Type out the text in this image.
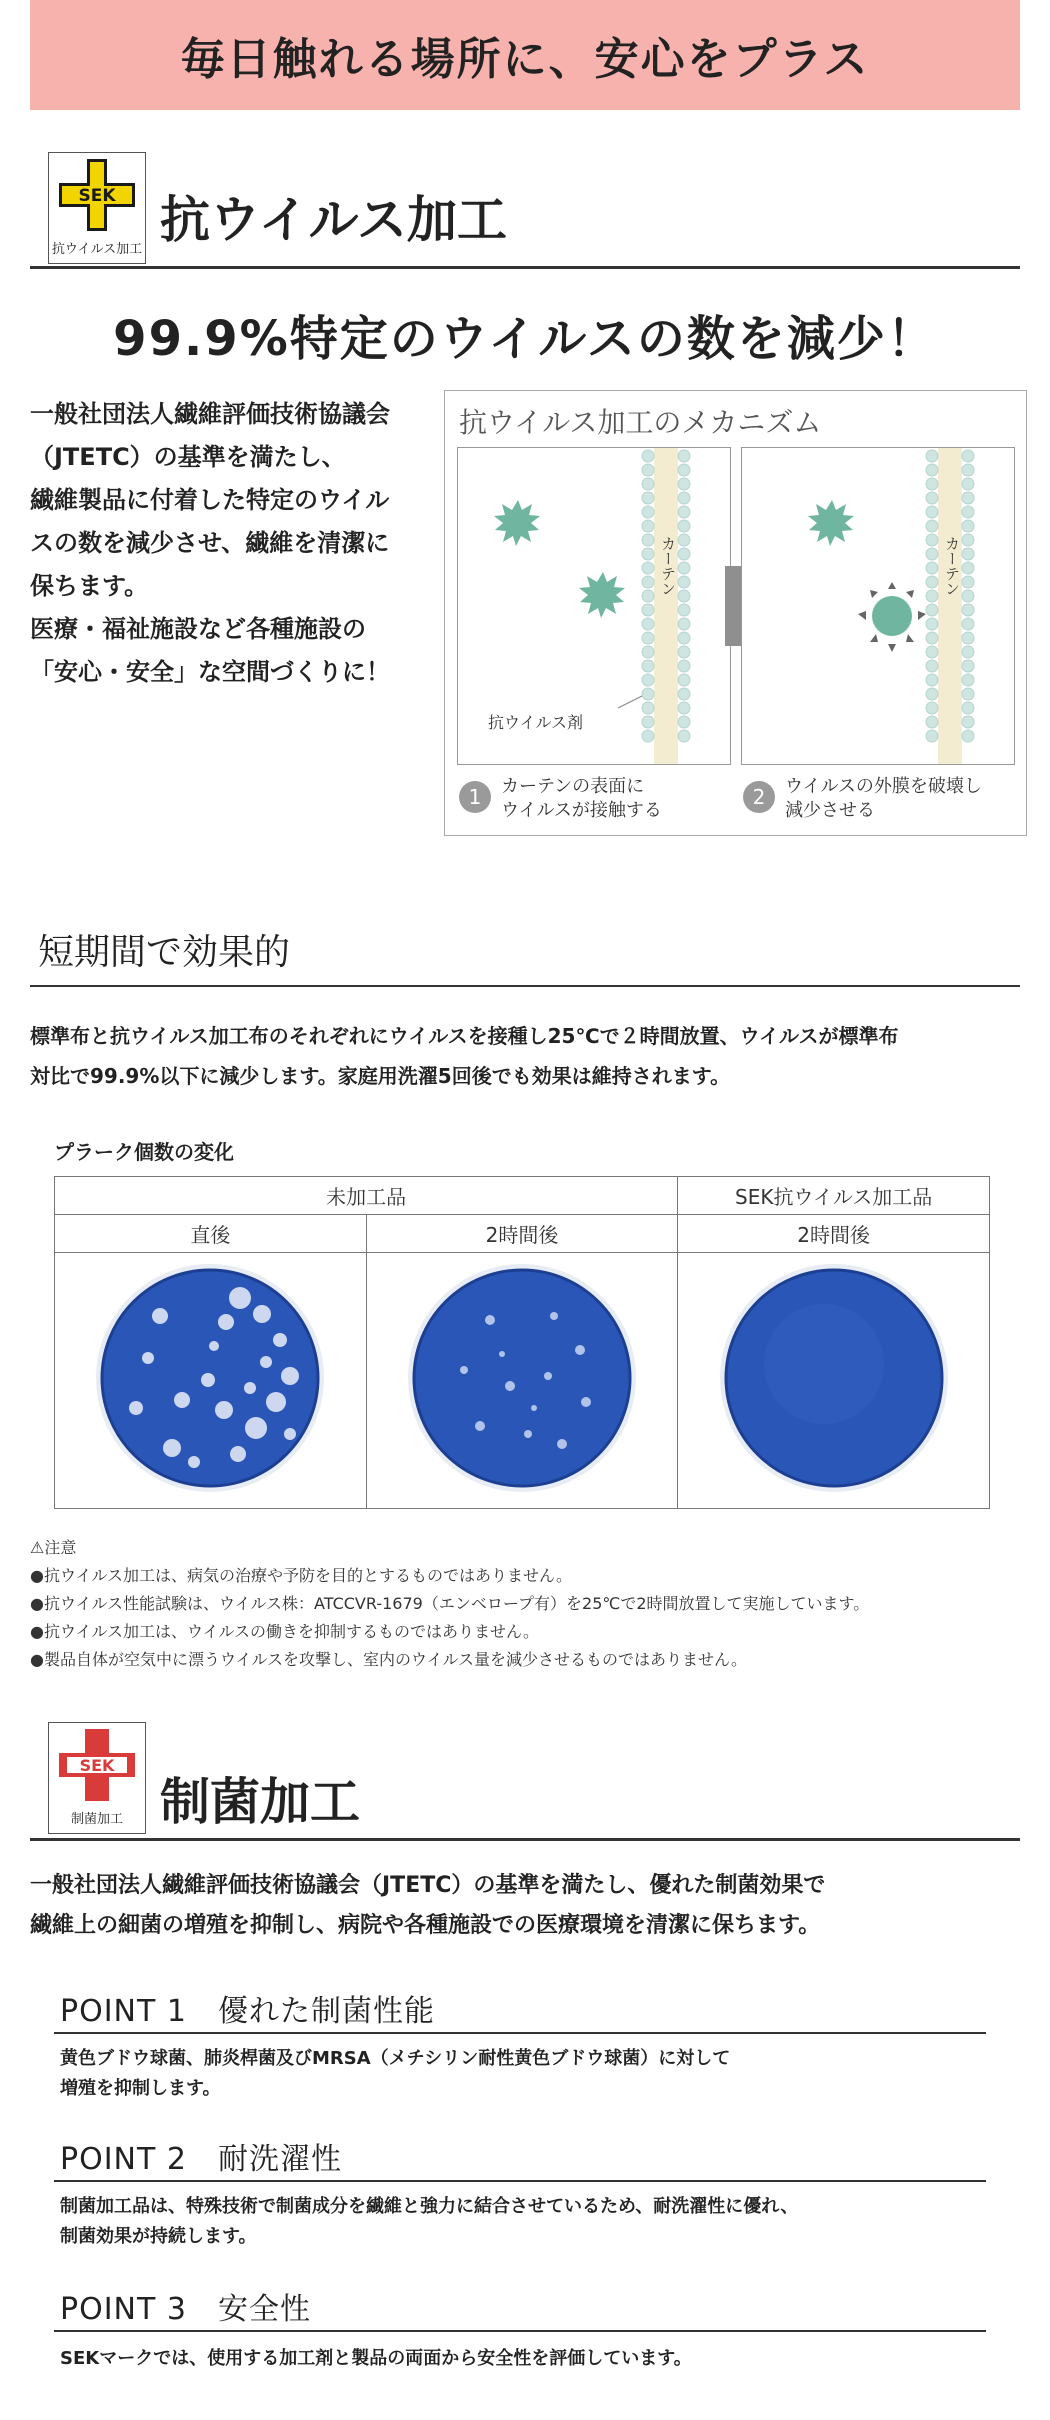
毎日触れる場所に、安心をプラス
SEK
抗ウイルス加工
抗ウイルス加工
99.9%特定のウイルスの数を減少！
一般社団法人繊維評価技術協議会
（JTETC）の基準を満たし、
繊維製品に付着した特定のウイル
スの数を減少させ、繊維を清潔に
保ちます。
医療・福祉施設など各種施設の
「安心・安全」な空間づくりに！
抗ウイルス加工のメカニズム
カーテン
抗ウイルス剤
カーテン
1	カーテンの表面に
ウイルスが接触する
2	ウイルスの外膜を破壊し
減少させる
短期間で効果的
標準布と抗ウイルス加工布のそれぞれにウイルスを接種し25℃で２時間放置、ウイルスが標準布
対比で99.9%以下に減少します。家庭用洗濯5回後でも効果は維持されます。
プラーク個数の変化
未加工品		SEK抗ウイルス加工品
直後	2時間後	2時間後

⚠注意
●抗ウイルス加工は、病気の治療や予防を目的とするものではありません。
●抗ウイルス性能試験は、ウイルス株：ATCCVR-1679（エンベロープ有）を25℃で2時間放置して実施しています。
●抗ウイルス加工は、ウイルスの働きを抑制するものではありません。
●製品自体が空気中に漂うウイルスを攻撃し、室内のウイルス量を減少させるものではありません。
SEK
制菌加工 制菌加工
一般社団法人繊維評価技術協議会（JTETC）の基準を満たし、優れた制菌効果で
繊維上の細菌の増殖を抑制し、病院や各種施設での医療環境を清潔に保ちます。
POINT 1　優れた制菌性能
黄色ブドウ球菌、肺炎桿菌及びMRSA（メチシリン耐性黄色ブドウ球菌）に対して
増殖を抑制します。
POINT 2　耐洗濯性
制菌加工品は、特殊技術で制菌成分を繊維と強力に結合させているため、耐洗濯性に優れ、
制菌効果が持続します。
POINT 3　安全性
SEKマークでは、使用する加工剤と製品の両面から安全性を評価しています。
